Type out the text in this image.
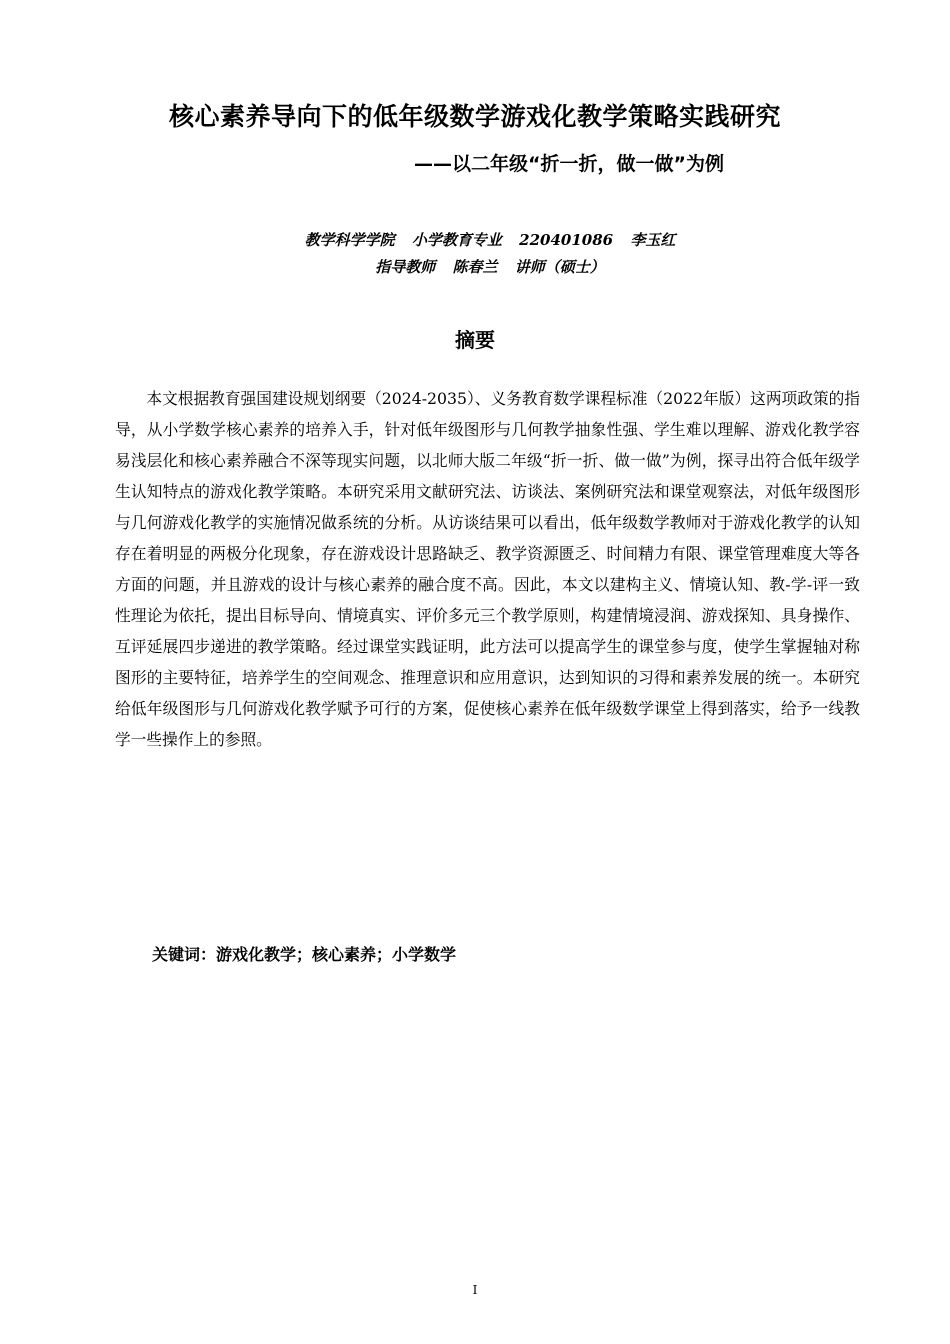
核心素养导向下的低年级数学游戏化教学策略实践研究
——以二年级“折一折，做一做”为例
教学科学学院 小学教育专业 220401086 李玉红
指导教师 陈春兰 讲师（硕士）
摘要

本文根据教育强国建设规划纲要（2024-2035）、义务教育数学课程标准（2022年版）这两项政策的指导，从小学数学核心素养的培养入手，针对低年级图形与几何教学抽象性强、学生难以理解、游戏化教学容易浅层化和核心素养融合不深等现实问题，以北师大版二年级“折一折、做一做”为例，探寻出符合低年级学生认知特点的游戏化教学策略。本研究采用文献研究法、访谈法、案例研究法和课堂观察法，对低年级图形与几何游戏化教学的实施情况做系统的分析。从访谈结果可以看出，低年级数学教师对于游戏化教学的认知存在着明显的两极分化现象，存在游戏设计思路缺乏、教学资源匮乏、时间精力有限、课堂管理难度大等各方面的问题，并且游戏的设计与核心素养的融合度不高。因此，本文以建构主义、情境认知、教-学-评一致性理论为依托，提出目标导向、情境真实、评价多元三个教学原则，构建情境浸润、游戏探知、具身操作、互评延展四步递进的教学策略。经过课堂实践证明，此方法可以提高学生的课堂参与度，使学生掌握轴对称图形的主要特征，培养学生的空间观念、推理意识和应用意识，达到知识的习得和素养发展的统一。本研究给低年级图形与几何游戏化教学赋予可行的方案，促使核心素养在低年级数学课堂上得到落实，给予一线教学一些操作上的参照。

关键词：游戏化教学；核心素养；小学数学
I
